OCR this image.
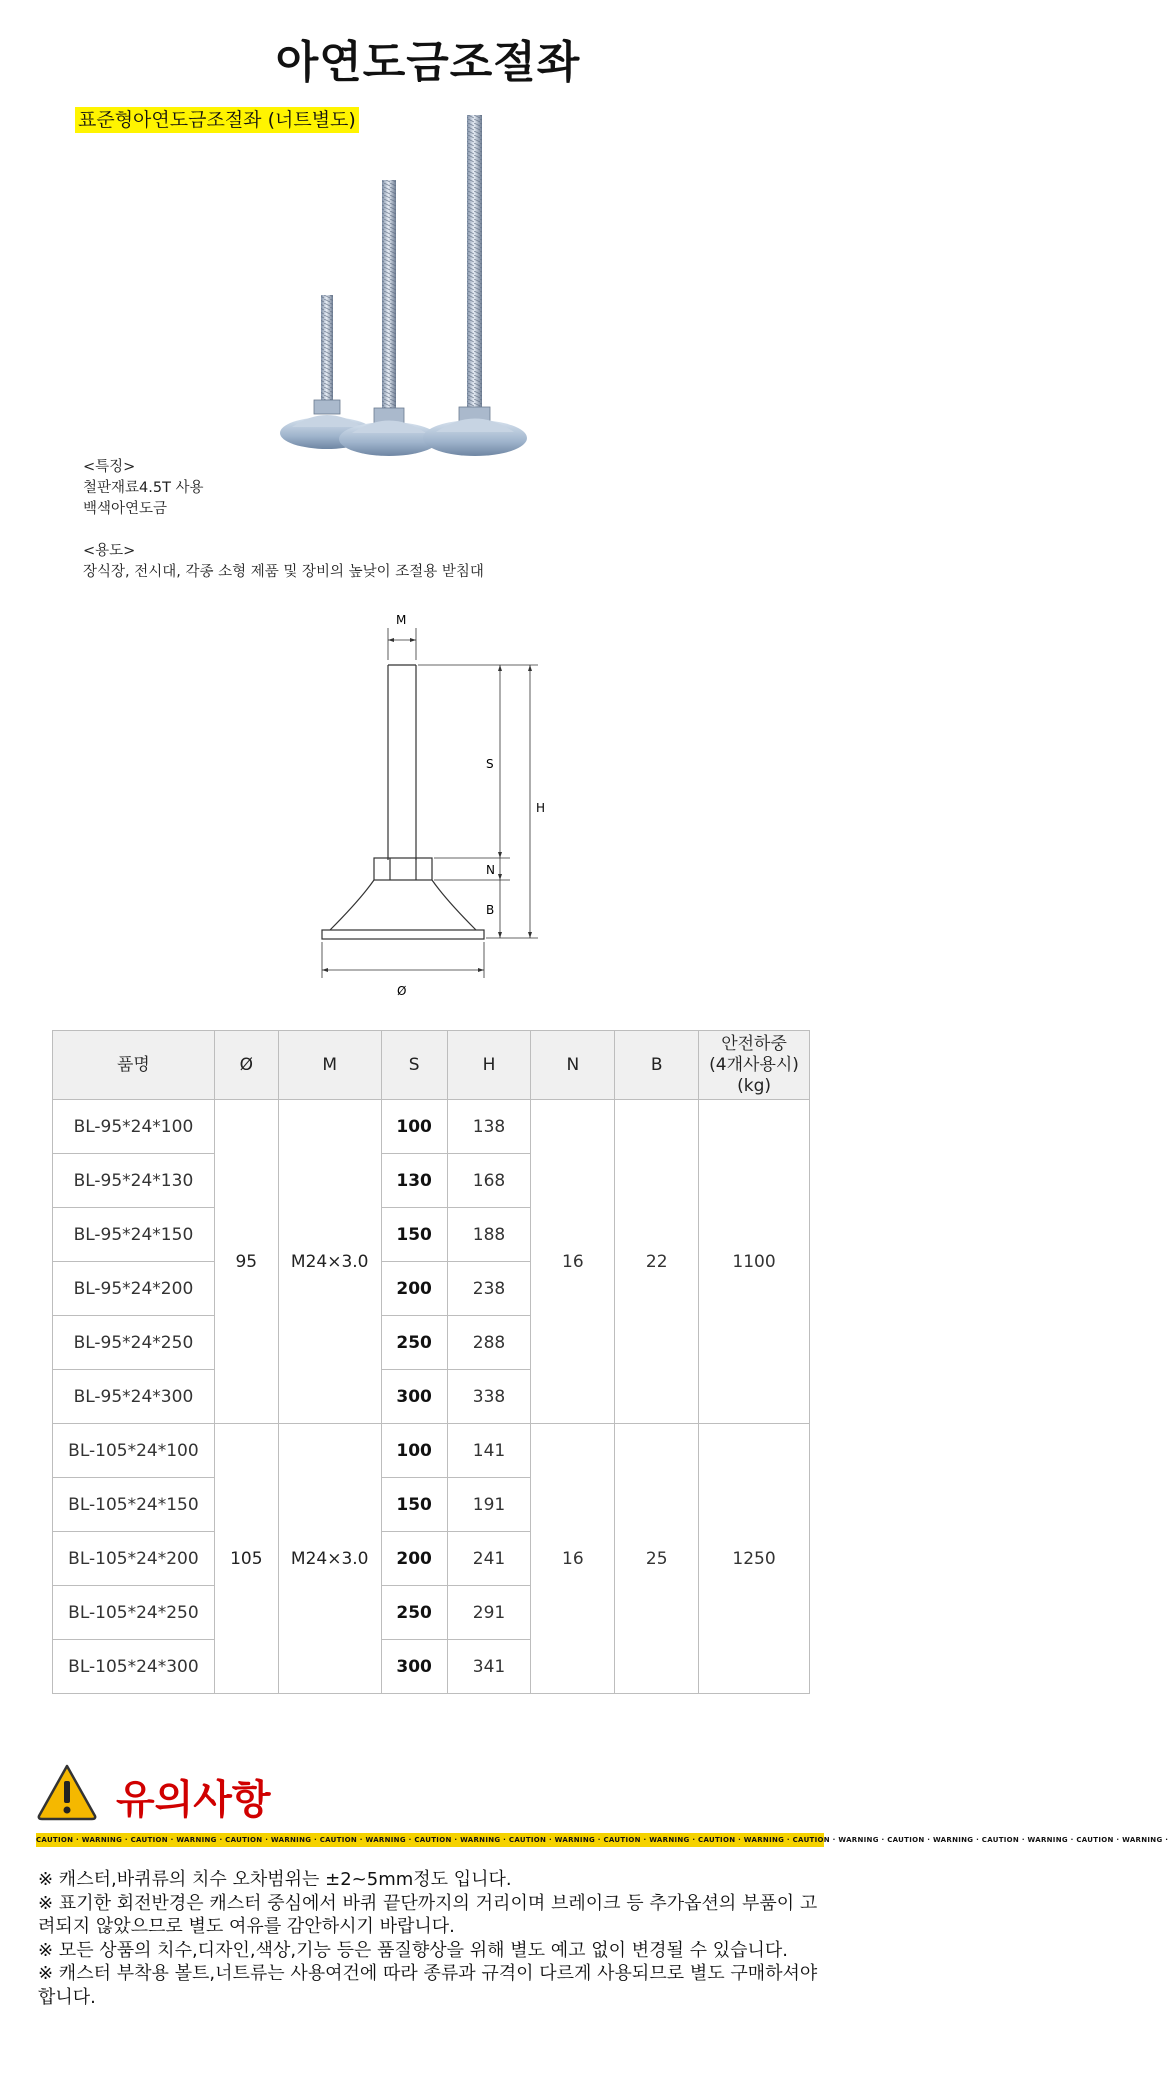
아연도금조절좌
표준형아연도금조절좌 (너트별도)
<특징>
철판재료4.5T 사용
백색아연도금
<용도>
장식장, 전시대, 각종 소형 제품 및 장비의 높낮이 조절용 받침대
M
S
H
N
B
Ø
품명	Ø	M	S	H	N	B	안전하중
(4개사용시)
(kg)

BL-95*24*100	95	M24×3.0	100	138	16	22	1100
BL-95*24*130			130	168			
BL-95*24*150			150	188			
BL-95*24*200			200	238			
BL-95*24*250			250	288			
BL-95*24*300			300	338			
BL-105*24*100	105	M24×3.0	100	141	16	25	1250
BL-105*24*150			150	191			
BL-105*24*200			200	241			
BL-105*24*250			250	291			
BL-105*24*300			300	341			
유의사항
CAUTION · WARNING · CAUTION · WARNING · CAUTION · WARNING · CAUTION · WARNING · CAUTION · WARNING · CAUTION · WARNING · CAUTION · WARNING · CAUTION · WARNING · CAUTION · WARNING · CAUTION · WARNING · CAUTION · WARNING · CAUTION · WARNING ·
※ 캐스터,바퀴류의 치수 오차범위는 ±2~5mm정도 입니다.
※ 표기한 회전반경은 캐스터 중심에서 바퀴 끝단까지의 거리이며 브레이크 등 추가옵션의 부품이 고려되지 않았으므로 별도 여유를 감안하시기 바랍니다.
※ 모든 상품의 치수,디자인,색상,기능 등은 품질향상을 위해 별도 예고 없이 변경될 수 있습니다.
※ 캐스터 부착용 볼트,너트류는 사용여건에 따라 종류과 규격이 다르게 사용되므로 별도 구매하셔야 합니다.
